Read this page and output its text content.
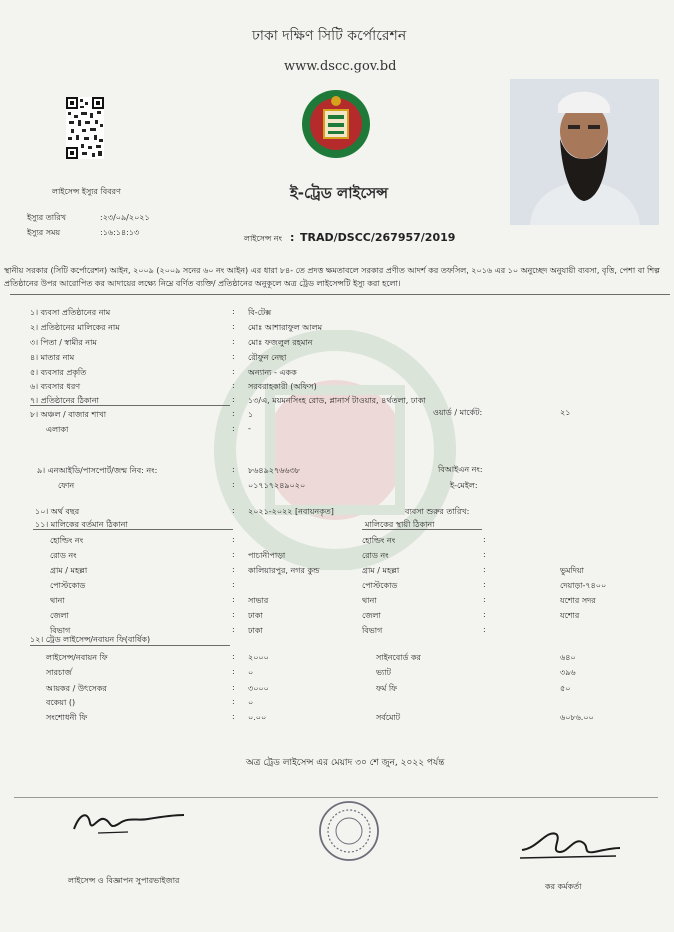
ঢাকা দক্ষিণ সিটি কর্পোরেশন
www.dscc.gov.bd
লাইসেন্স ইস্যুর বিবরণ	ই-ট্রেড লাইসেন্স
ইস্যুর তারিখ	:২৩/০৯/২০২১
ইস্যুর সময়	:১৬:১৪:১৩
লাইসেন্স নং : TRAD/DSCC/267957/2019
স্থানীয় সরকার (সিটি কর্পোরেশন) আইন, ২০০৯ (২০০৯ সনের ৬০ নং আইন) এর ধারা ৮৪- তে প্রদত্ত ক্ষমতাবলে সরকার প্রণীত আদর্শ কর তফসিল, ২০১৬ এর ১০ অনুচ্ছেদ অনুযায়ী ব্যবসা, বৃত্তি, পেশা বা শিল্প প্রতিষ্ঠানের উপর আরোপিত কর আদায়ের লক্ষ্যে নিম্নে বর্ণিত ব্যক্তি/ প্রতিষ্ঠানের অনুকূলে অত্র ট্রেড লাইসেন্সটি ইস্যু করা হলো।
১। ব্যবসা প্রতিষ্ঠানের নাম	: বি-টেক্স
২। প্রতিষ্ঠানের মালিকের নাম	: মোঃ আশারাফুল আলম
৩। পিতা / স্বামীর নাম	: মোঃ ফজলুল রহমান
৪। মাতার নাম	: রৌফুন নেছা
৫। ব্যবসার প্রকৃতি	: অন্যান্য - একক
৬। ব্যবসার ধরণ	: সরবরাহকারী (অফিস)
৭। প্রতিষ্ঠানের ঠিকানা	: ১৩/এ, ময়মনসিংহ রোড, প্লানার্স টাওয়ার, ৪র্থতলা, ঢাকা
৮। অঞ্চল / বাজার শাখা	: ১	ওয়ার্ড / মার্কেট:	২১
এলাকা	: -
৯। এনআইডি/পাসপোর্ট/জন্ম নিব: নং:	: ৮৬৪৯২৭৬৬৩৮	বিআইএন নং:
ফোন	: ০১৭১৭২৪৯০২০	ই-মেইল:
১০। অর্থ বছর	: ২০২১-২০২২ [নবায়নকৃত]	ব্যবসা শুরুর তারিখ:
১১। মালিকের বর্তমান ঠিকানা	মালিকের স্থায়ী ঠিকানা
হোল্ডিং নং	:	হোল্ডিং নং	:
রোড নং	: পাচানীপাড়া	রোড নং	:
গ্রাম / মহল্লা	: কালিয়ারপুর, নগর কুন্ড	গ্রাম / মহল্লা	:	ভুমদিয়া
পোস্টকোড	:	পোস্টকোড	:	দেয়াড়া-৭৪০০
থানা	: সাভার	থানা	:	যশোর সদর
জেলা	: ঢাকা	জেলা	:	যশোর
বিভাগ	: ঢাকা	বিভাগ	:
১২। ট্রেড লাইসেন্স/নবায়ন ফি(বার্ষিক)
লাইসেন্স/নবায়ন ফি	: ২০০০	সাইনবোর্ড কর	৬৪০
সারচার্জ	: ০	ভ্যাট	৩৯৬
আয়কর / উৎসেকর	: ৩০০০	ফর্ম ফি	৫০
বকেয়া ()	: ০
সংশোধনী ফি	: ০.০০	সর্বমোট	৬০৮৬.০০
অত্র ট্রেড লাইসেন্স এর মেয়াদ ৩০ শে জুন, ২০২২ পর্যন্ত
লাইসেন্স ও বিজ্ঞাপন সুপারভাইজার
কর কর্মকর্তা
